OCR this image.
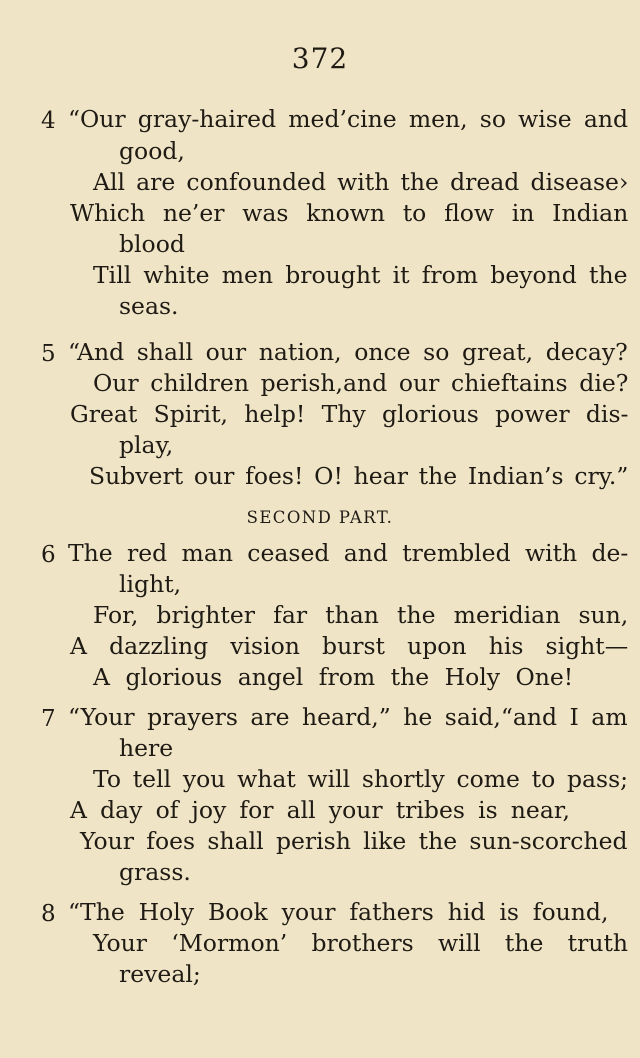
372
4 “Our gray-haired med’cine men, so wise and
good,
All are confounded with the dread disease›
Which ne’er was known to flow in Indian
blood
Till white men brought it from beyond the
seas.
5 “And shall our nation, once so great, decay?
Our children perish,and our chieftains die?
Great Spirit, help! Thy glorious power dis-
play,
Subvert our foes! O! hear the Indian’s cry.”
SECOND PART.
6 The red man ceased and trembled with de-
light,
For, brighter far than the meridian sun,
A dazzling vision burst upon his sight—
A glorious angel from the Holy One!
7 “Your prayers are heard,” he said,“and I am
here
To tell you what will shortly come to pass;
A day of joy for all your tribes is near,
Your foes shall perish like the sun-scorched
grass.
8 “The Holy Book your fathers hid is found,
Your ‘Mormon’ brothers will the truth
reveal;
